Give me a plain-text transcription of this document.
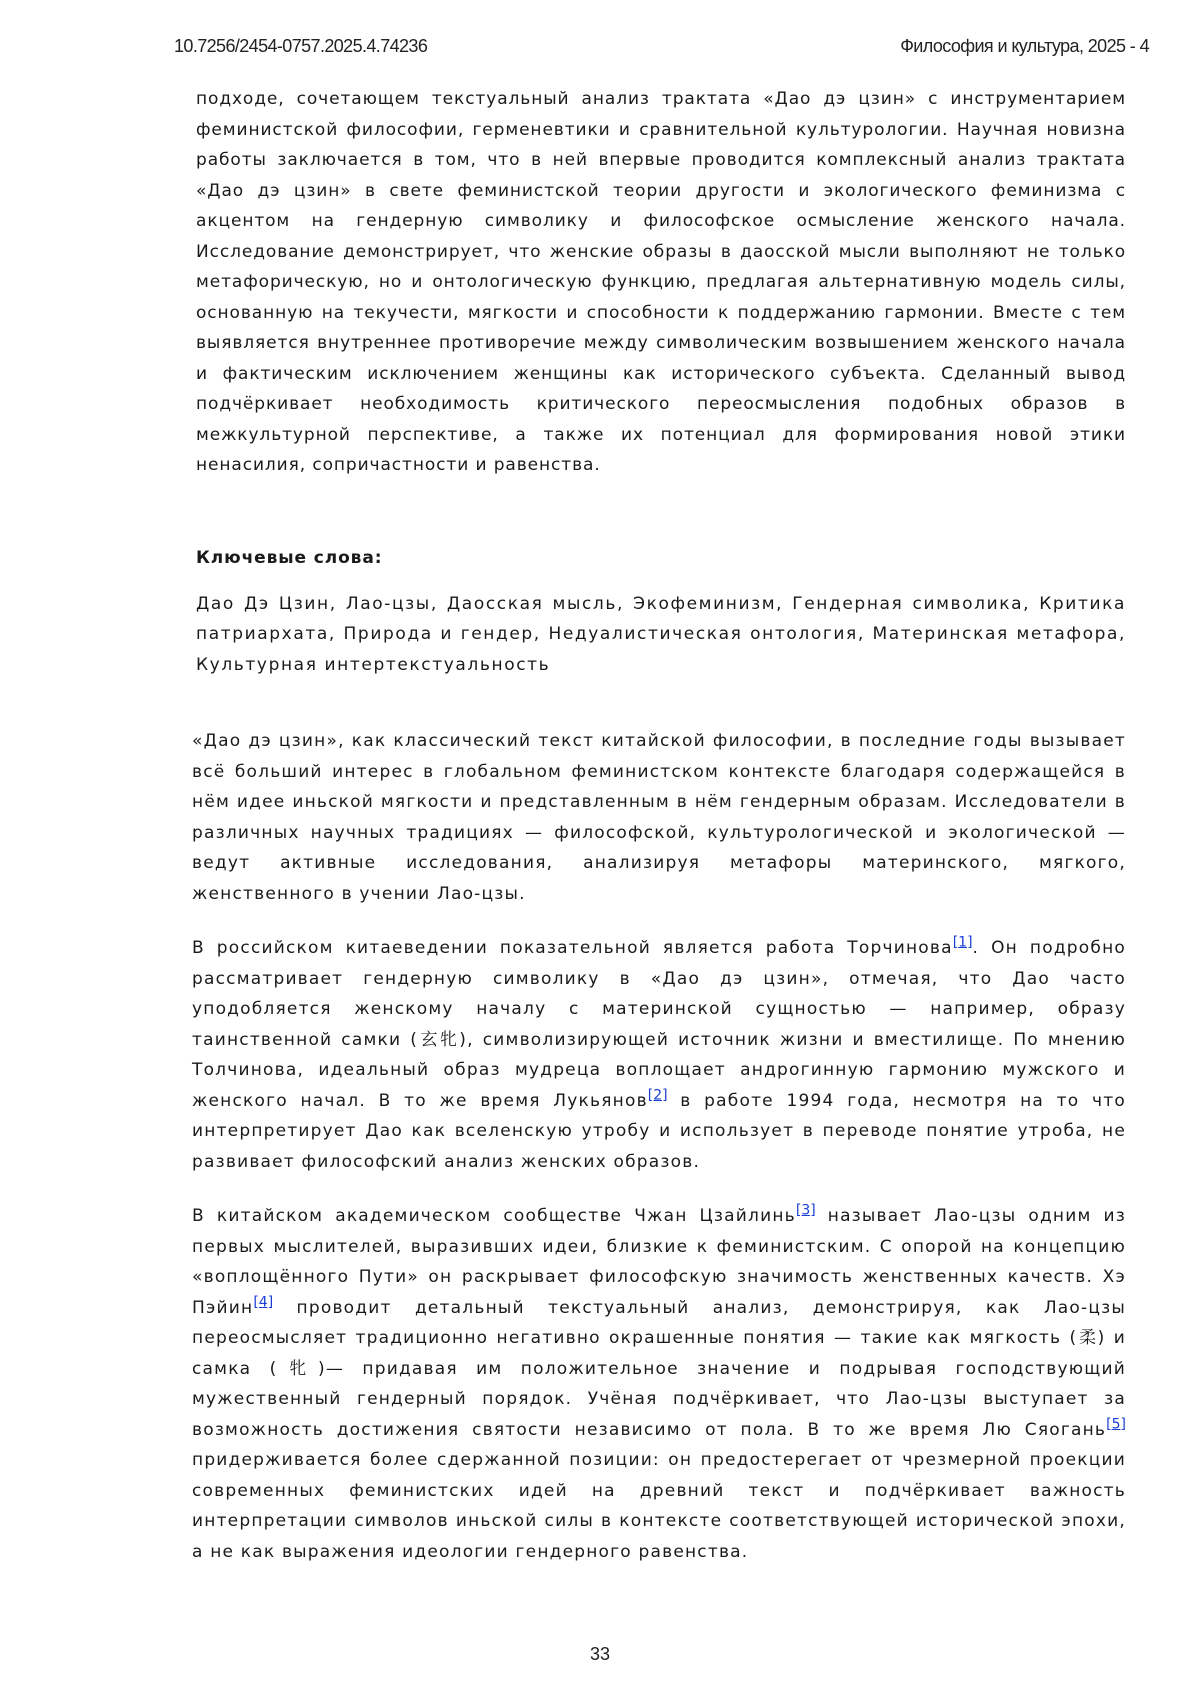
10.7256/2454-0757.2025.4.74236	Философия и культура, 2025 - 4

подходе, сочетающем текстуальный анализ трактата «Дао дэ цзин» с инструментарием феминистской философии, герменевтики и сравнительной культурологии. Научная новизна работы заключается в том, что в ней впервые проводится комплексный анализ трактата «Дао дэ цзин» в свете феминистской теории другости и экологического феминизма с акцентом на гендерную символику и философское осмысление женского начала. Исследование демонстрирует, что женские образы в даосской мысли выполняют не только метафорическую, но и онтологическую функцию, предлагая альтернативную модель силы, основанную на текучести, мягкости и способности к поддержанию гармонии. Вместе с тем выявляется внутреннее противоречие между символическим возвышением женского начала и фактическим исключением женщины как исторического субъекта. Сделанный вывод подчёркивает необходимость критического переосмысления подобных образов в межкультурной перспективе, а также их потенциал для формирования новой этики ненасилия, сопричастности и равенства.

Ключевые слова:

Дао Дэ Цзин, Лао-цзы, Даосская мысль, Экофеминизм, Гендерная символика, Критика патриархата, Природа и гендер, Недуалистическая онтология, Материнская метафора, Культурная интертекстуальность

«Дао дэ цзин», как классический текст китайской философии, в последние годы вызывает всё больший интерес в глобальном феминистском контексте благодаря содержащейся в нём идее иньской мягкости и представленным в нём гендерным образам. Исследователи в различных научных традициях — философской, культурологической и экологической — ведут активные исследования, анализируя метафоры материнского, мягкого, женственного в учении Лао-цзы.

В российском китаеведении показательной является работа Торчинова[1]. Он подробно рассматривает гендерную символику в «Дао дэ цзин», отмечая, что Дао часто уподобляется женскому началу с материнской сущностью — например, образу таинственной самки (玄牝), символизирующей источник жизни и вместилище. По мнению Толчинова, идеальный образ мудреца воплощает андрогинную гармонию мужского и женского начал. В то же время Лукьянов[2] в работе 1994 года, несмотря на то что интерпретирует Дао как вселенскую утробу и использует в переводе понятие утроба, не развивает философский анализ женских образов.

В китайском академическом сообществе Чжан Цзайлинь[3] называет Лао-цзы одним из первых мыслителей, выразивших идеи, близкие к феминистским. С опорой на концепцию «воплощённого Пути» он раскрывает философскую значимость женственных качеств. Хэ Пэйин[4] проводит детальный текстуальный анализ, демонстрируя, как Лао-цзы переосмысляет традиционно негативно окрашенные понятия — такие как мягкость (柔) и самка (牝)— придавая им положительное значение и подрывая господствующий мужественный гендерный порядок. Учёная подчёркивает, что Лао-цзы выступает за возможность достижения святости независимо от пола. В то же время Лю Сяогань[5] придерживается более сдержанной позиции: он предостерегает от чрезмерной проекции современных феминистских идей на древний текст и подчёркивает важность интерпретации символов иньской силы в контексте соответствующей исторической эпохи, а не как выражения идеологии гендерного равенства.

33
